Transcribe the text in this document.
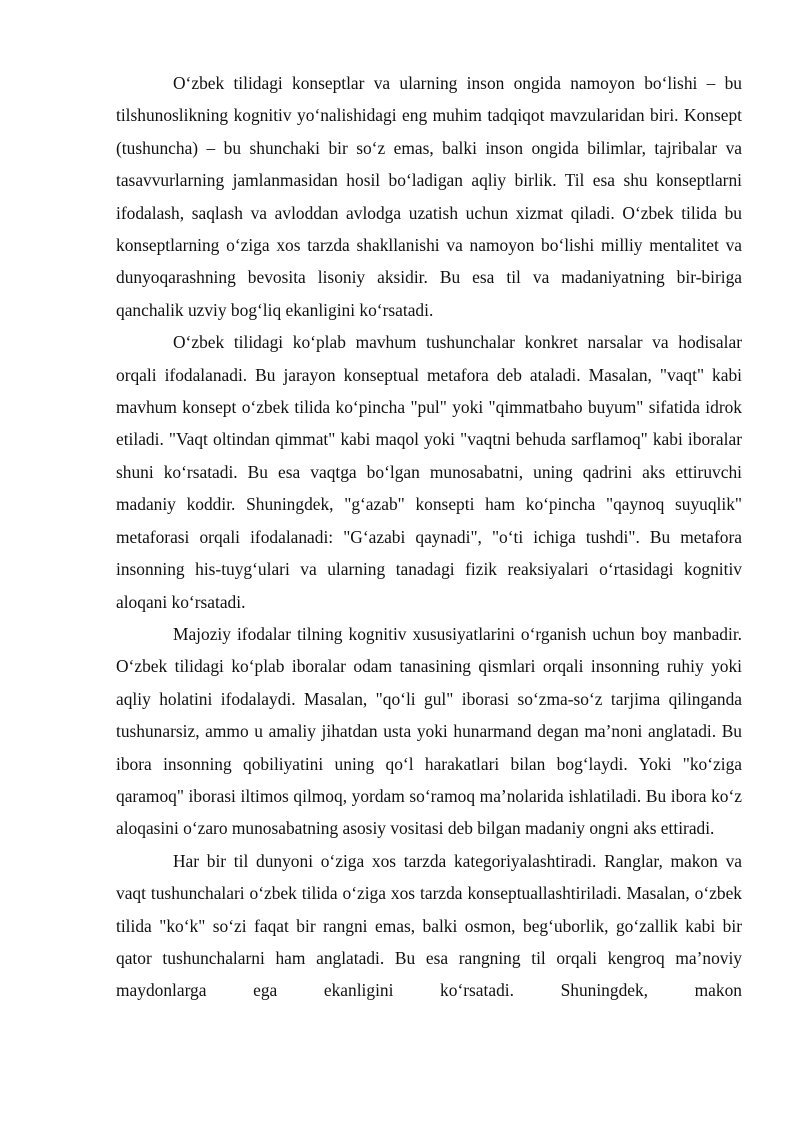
O‘zbek tilidagi konseptlar va ularning inson ongida namoyon bo‘lishi – bu tilshunoslikning kognitiv yo‘nalishidagi eng muhim tadqiqot mavzularidan biri. Konsept (tushuncha) – bu shunchaki bir so‘z emas, balki inson ongida bilimlar, tajribalar va tasavvurlarning jamlanmasidan hosil bo‘ladigan aqliy birlik. Til esa shu konseptlarni ifodalash, saqlash va avloddan avlodga uzatish uchun xizmat qiladi. O‘zbek tilida bu konseptlarning o‘ziga xos tarzda shakllanishi va namoyon bo‘lishi milliy mentalitet va dunyoqarashning bevosita lisoniy aksidir. Bu esa til va madaniyatning bir-biriga qanchalik uzviy bog‘liq ekanligini ko‘rsatadi.

O‘zbek tilidagi ko‘plab mavhum tushunchalar konkret narsalar va hodisalar orqali ifodalanadi. Bu jarayon konseptual metafora deb ataladi. Masalan, "vaqt" kabi mavhum konsept o‘zbek tilida ko‘pincha "pul" yoki "qimmatbaho buyum" sifatida idrok etiladi. "Vaqt oltindan qimmat" kabi maqol yoki "vaqtni behuda sarflamoq" kabi iboralar shuni ko‘rsatadi. Bu esa vaqtga bo‘lgan munosabatni, uning qadrini aks ettiruvchi madaniy koddir. Shuningdek, "g‘azab" konsepti ham ko‘pincha "qaynoq suyuqlik" metaforasi orqali ifodalanadi: "G‘azabi qaynadi", "o‘ti ichiga tushdi". Bu metafora insonning his-tuyg‘ulari va ularning tanadagi fizik reaksiyalari o‘rtasidagi kognitiv aloqani ko‘rsatadi.

Majoziy ifodalar tilning kognitiv xususiyatlarini o‘rganish uchun boy manbadir. O‘zbek tilidagi ko‘plab iboralar odam tanasining qismlari orqali insonning ruhiy yoki aqliy holatini ifodalaydi. Masalan, "qo‘li gul" iborasi so‘zma-so‘z tarjima qilinganda tushunarsiz, ammo u amaliy jihatdan usta yoki hunarmand degan ma’noni anglatadi. Bu ibora insonning qobiliyatini uning qo‘l harakatlari bilan bog‘laydi. Yoki "ko‘ziga qaramoq" iborasi iltimos qilmoq, yordam so‘ramoq ma’nolarida ishlatiladi. Bu ibora ko‘z aloqasini o‘zaro munosabatning asosiy vositasi deb bilgan madaniy ongni aks ettiradi.

Har bir til dunyoni o‘ziga xos tarzda kategoriyalashtiradi. Ranglar, makon va vaqt tushunchalari o‘zbek tilida o‘ziga xos tarzda konseptuallashtiriladi. Masalan, o‘zbek tilida "ko‘k" so‘zi faqat bir rangni emas, balki osmon, beg‘uborlik, go‘zallik kabi bir qator tushunchalarni ham anglatadi. Bu esa rangning til orqali kengroq ma’noviy maydonlarga ega ekanligini ko‘rsatadi. Shuningdek, makon
